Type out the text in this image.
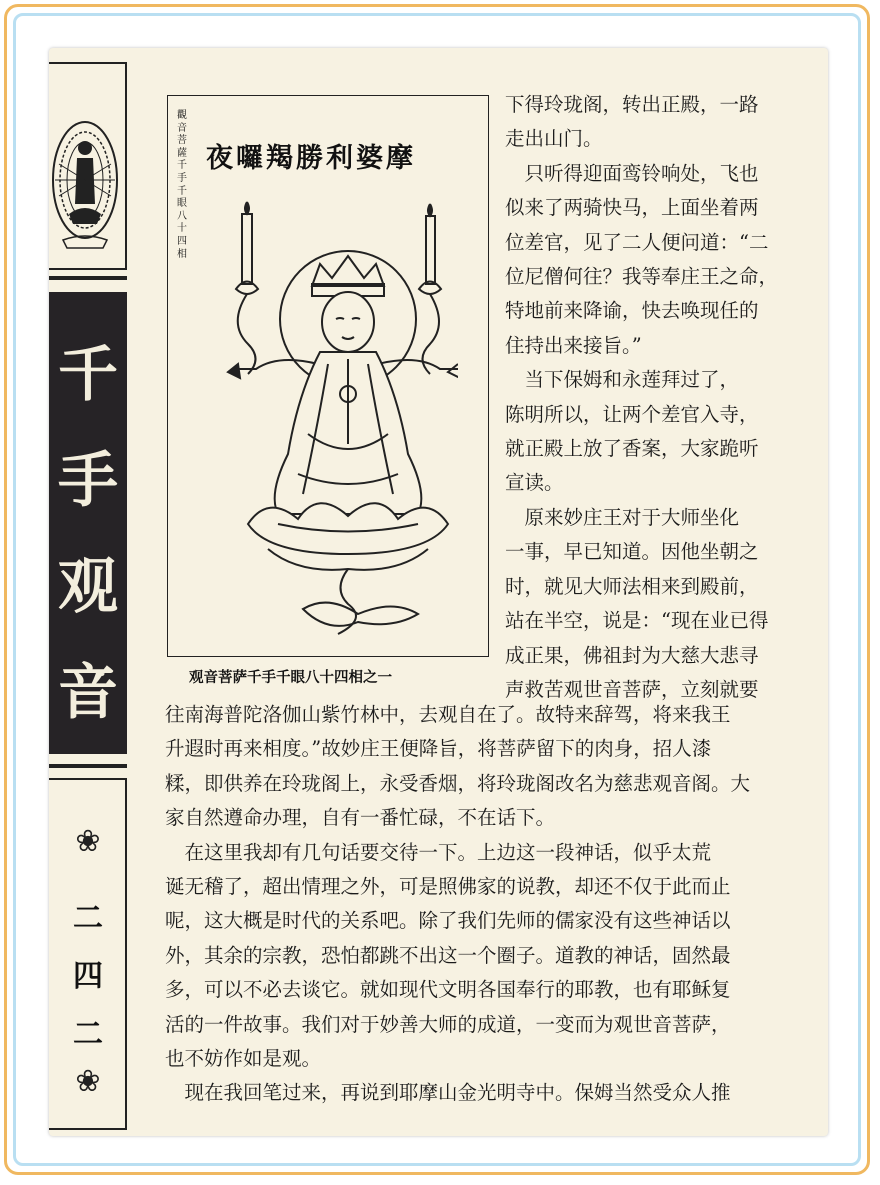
千
手
观
音
❀
二
四
二
❀
觀音菩薩千手千眼八十四相
夜囉羯勝利婆摩
观音菩萨千手千眼八十四相之一
下得玲珑阁，转出正殿，一路
走出山门。
　只听得迎面鸾铃响处，飞也
似来了两骑快马，上面坐着两
位差官，见了二人便问道：“二
位尼僧何往？我等奉庄王之命，
特地前来降谕，快去唤现任的
住持出来接旨。”
　当下保姆和永莲拜过了，
陈明所以，让两个差官入寺，
就正殿上放了香案，大家跪听
宣读。
　原来妙庄王对于大师坐化
一事，早已知道。因他坐朝之
时，就见大师法相来到殿前，
站在半空，说是：“现在业已得
成正果，佛祖封为大慈大悲寻
声救苦观世音菩萨，立刻就要
往南海普陀洛伽山紫竹林中，去观自在了。故特来辞驾，将来我王
升遐时再来相度。”故妙庄王便降旨，将菩萨留下的肉身，招人漆
糅，即供养在玲珑阁上，永受香烟，将玲珑阁改名为慈悲观音阁。大
家自然遵命办理，自有一番忙碌，不在话下。
　在这里我却有几句话要交待一下。上边这一段神话，似乎太荒
诞无稽了，超出情理之外，可是照佛家的说教，却还不仅于此而止
呢，这大概是时代的关系吧。除了我们先师的儒家没有这些神话以
外，其余的宗教，恐怕都跳不出这一个圈子。道教的神话，固然最
多，可以不必去谈它。就如现代文明各国奉行的耶教，也有耶稣复
活的一件故事。我们对于妙善大师的成道，一变而为观世音菩萨，
也不妨作如是观。
　现在我回笔过来，再说到耶摩山金光明寺中。保姆当然受众人推
